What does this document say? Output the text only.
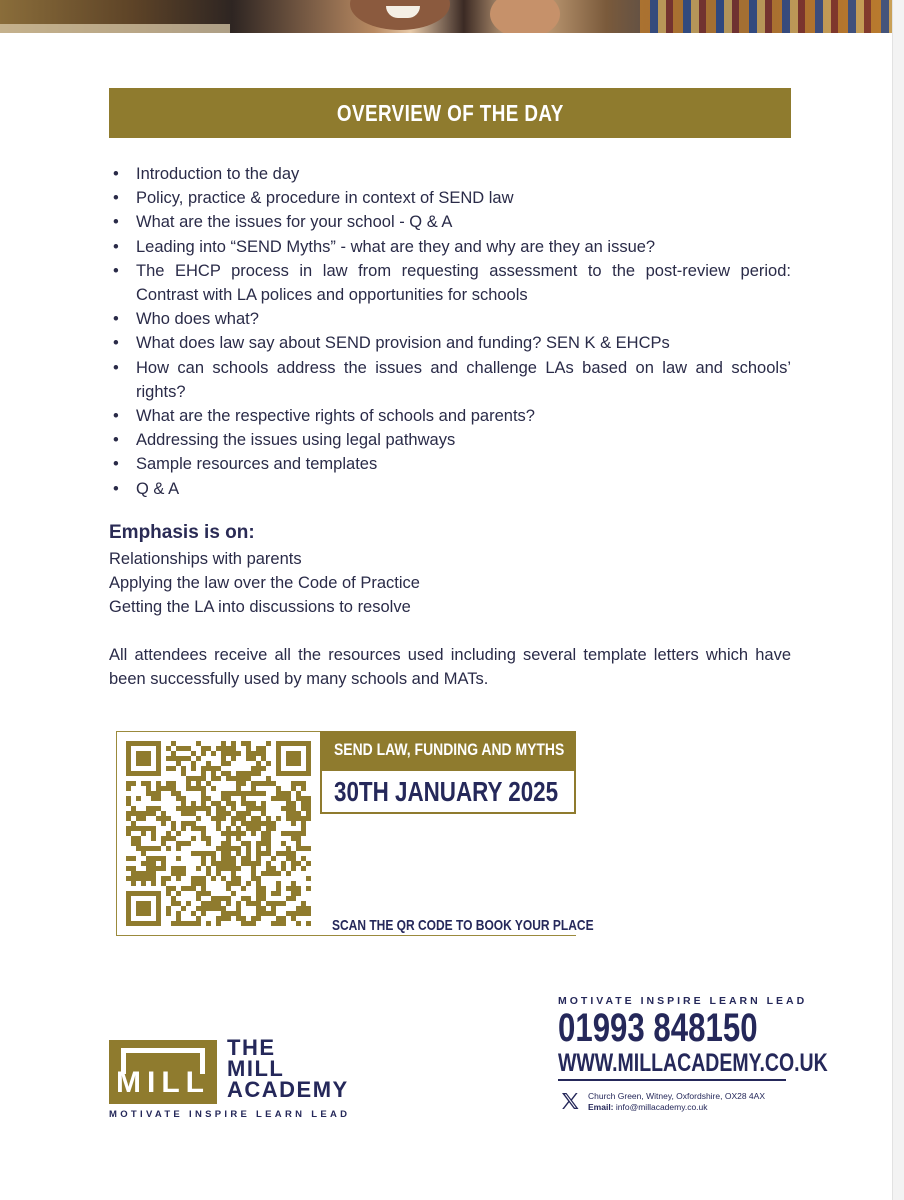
OVERVIEW OF THE DAY
• Introduction to the day
• Policy, practice & procedure in context of SEND law
• What are the issues for your school - Q & A
• Leading into “SEND Myths” - what are they and why are they an issue?
• The EHCP process in law from requesting assessment to the post-review period: Contrast with LA polices and opportunities for schools
• Who does what?
• What does law say about SEND provision and funding? SEN K & EHCPs
• How can schools address the issues and challenge LAs based on law and schools’ rights?
• What are the respective rights of schools and parents?
• Addressing the issues using legal pathways
• Sample resources and templates
• Q & A
Emphasis is on:
Relationships with parents
Applying the law over the Code of Practice
Getting the LA into discussions to resolve

All attendees receive all the resources used including several template letters which have been successfully used by many schools and MATs.

SEND LAW, FUNDING AND MYTHS
30TH JANUARY 2025
SCAN THE QR CODE TO BOOK YOUR PLACE
MILL
THE
MILL
ACADEMY
MOTIVATE INSPIRE LEARN LEAD
MOTIVATE INSPIRE LEARN LEAD
01993 848150
WWW.MILLACADEMY.CO.UK
Church Green, Witney, Oxfordshire, OX28 4AX
Email: info@millacademy.co.uk
